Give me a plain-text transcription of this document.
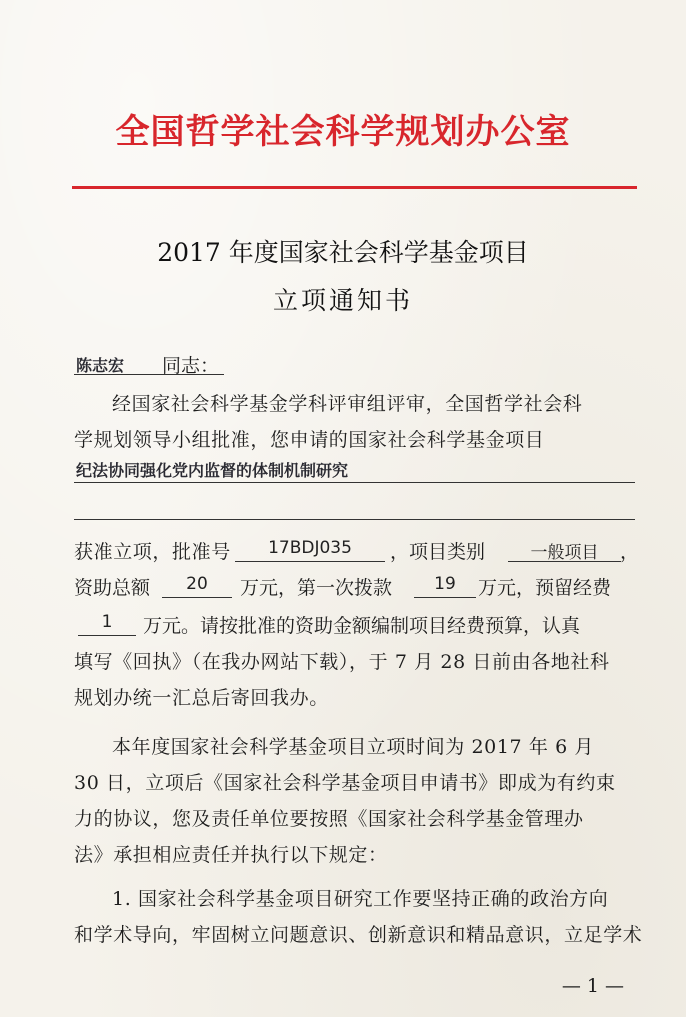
全国哲学社会科学规划办公室
2017 年度国家社会科学基金项目
立项通知书
陈志宏 同志：
经国家社会科学基金学科评审组评审，全国哲学社会科
学规划领导小组批准，您申请的国家社会科学基金项目
纪法协同强化党内监督的体制机制研究
获准立项，批准号	17BDJ035	，项目类别	一般项目	，
资助总额	20	万元，第一次拨款	19	万元，预留经费
1	万元。请按批准的资助金额编制项目经费预算，认真
填写《回执》（在我办网站下载），于 7 月 28 日前由各地社科
规划办统一汇总后寄回我办。
本年度国家社会科学基金项目立项时间为 2017 年 6 月
30 日，立项后《国家社会科学基金项目申请书》即成为有约束
力的协议，您及责任单位要按照《国家社会科学基金管理办
法》承担相应责任并执行以下规定：
1. 国家社会科学基金项目研究工作要坚持正确的政治方向
和学术导向，牢固树立问题意识、创新意识和精品意识，立足学术
— 1 —
